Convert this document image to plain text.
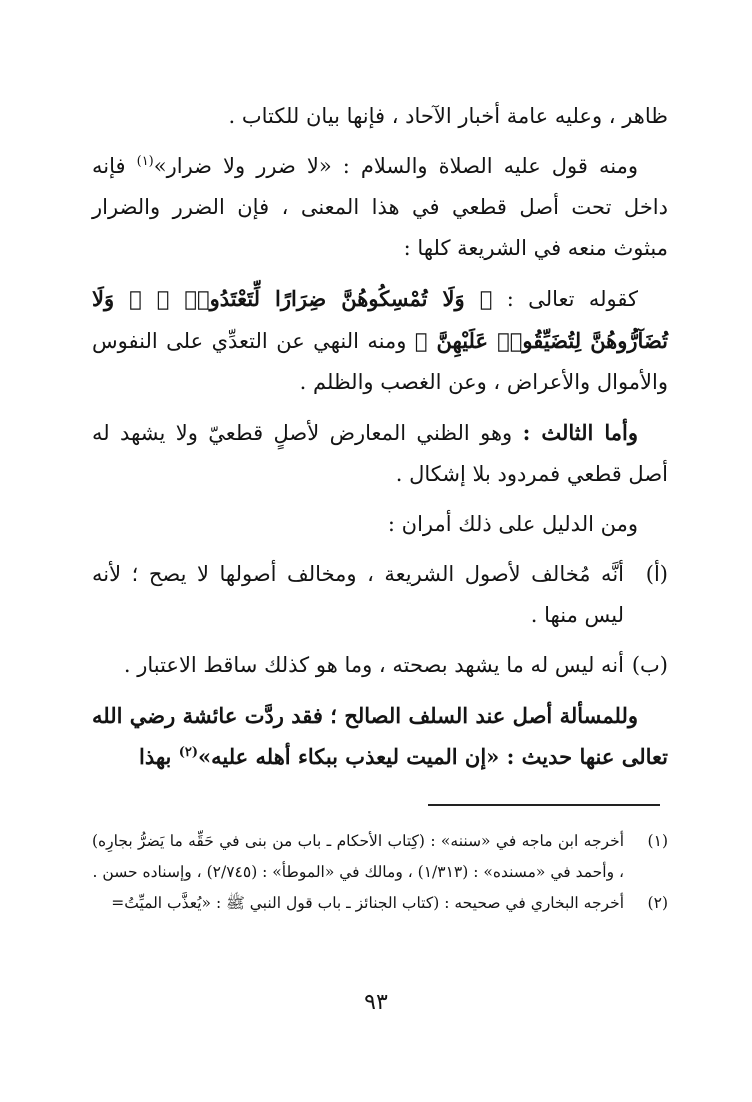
ظاهر ، وعليه عامة أخبار الآحاد ، فإنها بيان للكتاب .

ومنه قول عليه الصلاة والسلام : «لا ضرر ولا ضرار»$^{(١)}$ فإنه داخل تحت أصل قطعي في هذا المعنى ، فإن الضرر والضرار مبثوث منعه في الشريعة كلها :

كقوله تعالى : ﴿ وَلَا تُمْسِكُوهُنَّ ضِرَارًا لِّتَعْتَدُوا۟ ﴾ ﴿ وَلَا تُضَآرُّوهُنَّ لِتُضَيِّقُوا۟ عَلَيْهِنَّ ﴾ ومنه النهي عن التعدِّي على النفوس والأموال والأعراض ، وعن الغصب والظلم .

وأما الثالث : وهو الظني المعارض لأصلٍ قطعيّ ولا يشهد له أصل قطعي فمردود بلا إشكال .

ومن الدليل على ذلك أمران :

(أ)
أنَّه مُخالف لأصول الشريعة ، ومخالف أصولها لا يصح ؛ لأنه ليس منها .

(ب)
أنه ليس له ما يشهد بصحته ، وما هو كذلك ساقط الاعتبار .

وللمسألة أصل عند السلف الصالح ؛ فقد ردَّت عائشة رضي الله تعالى عنها حديث : «إن الميت ليعذب ببكاء أهله عليه»$^{(٢)}$ بهذا

(١)
أخرجه ابن ماجه في «سننه» : (كِتاب الأحكام ـ باب من بنى في حَقِّه ما يَضرُّ بجارِه) ، وأحمد في «مسنده» : (١/٣١٣) ، ومالك في «الموطأ» : (٢/٧٤٥) ، وإسناده حسن .
(٢)
أخرجه البخاري في صحيحه : (كتاب الجنائز ـ باب قول النبي ﷺ : «يُعذَّب الميِّتُ=
٩٣
